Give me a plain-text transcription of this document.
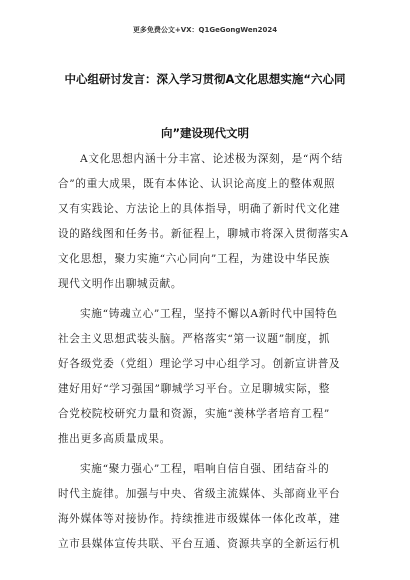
更多免费公文+VX：Q1GeGongWen2024
中心组研讨发言：深入学习贯彻A文化思想实施“六心同
向”建设现代文明
A文化思想内涵十分丰富、论述极为深刻，是“两个结
合”的重大成果，既有本体论、认识论高度上的整体观照
又有实践论、方法论上的具体指导，明确了新时代文化建
设的路线图和任务书。新征程上，聊城市将深入贯彻落实A
文化思想，聚力实施“六心同向”工程，为建设中华民族
现代文明作出聊城贡献。
实施“铸魂立心”工程，坚持不懈以A新时代中国特色
社会主义思想武装头脑。严格落实“第一议题”制度，抓
好各级党委（党组）理论学习中心组学习。创新宣讲普及
建好用好“学习强国”聊城学习平台。立足聊城实际，整
合党校院校研究力量和资源，实施“羡林学者培育工程”
推出更多高质量成果。
实施“聚力强心”工程，唱响自信自强、团结奋斗的
时代主旋律。加强与中央、省级主流媒体、头部商业平台
海外媒体等对接协作。持续推进市级媒体一体化改革，建
立市县媒体宣传共联、平台互通、资源共享的全新运行机
